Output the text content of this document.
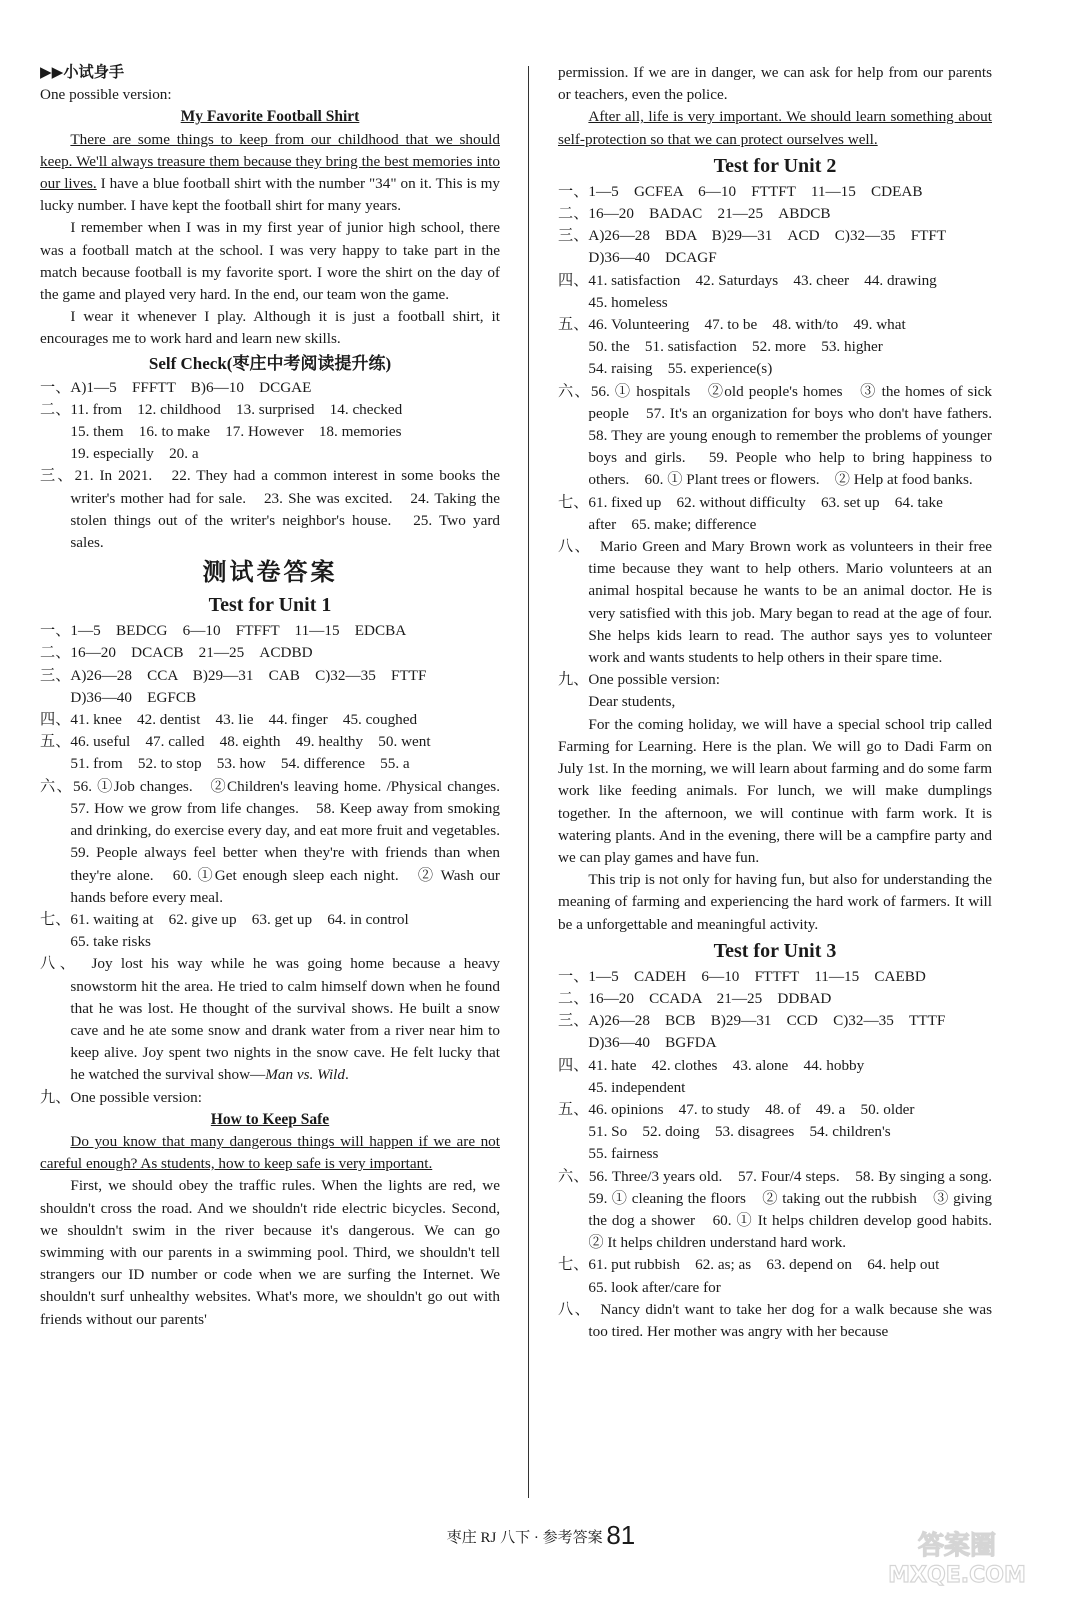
▶▶小试身手

One possible version:

My Favorite Football Shirt

There are some things to keep from our childhood that we should keep. We'll always treasure them because they bring the best memories into our lives. I have a blue football shirt with the number "34" on it. This is my lucky number. I have kept the football shirt for many years.

I remember when I was in my first year of junior high school, there was a football match at the school. I was very happy to take part in the match because football is my favorite sport. I wore the shirt on the day of the game and played very hard. In the end, our team won the game.

I wear it whenever I play. Although it is just a football shirt, it encourages me to work hard and learn new skills.

Self Check(枣庄中考阅读提升练)

一、A)1—5　FFFTT　B)6—10　DCGAE

二、11. from　12. childhood　13. surprised　14. checked

15. them　16. to make　17. However　18. memories

19. especially　20. a

三、21. In 2021.　22. They had a common interest in some books the writer's mother had for sale.　23. She was excited.　24. Taking the stolen things out of the writer's neighbor's house.　25. Two yard sales.

测试卷答案

Test for Unit 1

一、1—5　BEDCG　6—10　FTFFT　11—15　EDCBA

二、16—20　DCACB　21—25　ACDBD

三、A)26—28　CCA　B)29—31　CAB　C)32—35　FTTF

D)36—40　EGFCB

四、41. knee　42. dentist　43. lie　44. finger　45. coughed

五、46. useful　47. called　48. eighth　49. healthy　50. went

51. from　52. to stop　53. how　54. difference　55. a

六、56. ①Job changes.　②Children's leaving home. /Physical changes.　57. How we grow from life changes.　58. Keep away from smoking and drinking, do exercise every day, and eat more fruit and vegetables.　59. People always feel better when they're with friends than when they're alone.　60. ①Get enough sleep each night.　② Wash our hands before every meal.

七、61. waiting at　62. give up　63. get up　64. in control

65. take risks

八、　 Joy lost his way while he was going home because a heavy snowstorm hit the area. He tried to calm himself down when he found that he was lost. He thought of the survival shows. He built a snow cave and he ate some snow and drank water from a river near him to keep alive. Joy spent two nights in the snow cave. He felt lucky that he watched the survival show—Man vs. Wild.

九、One possible version:

How to Keep Safe

Do you know that many dangerous things will happen if we are not careful enough? As students, how to keep safe is very important.

First, we should obey the traffic rules. When the lights are red, we shouldn't cross the road. And we shouldn't ride electric bicycles. Second, we shouldn't swim in the river because it's dangerous. We can go swimming with our parents in a swimming pool. Third, we shouldn't tell strangers our ID number or code when we are surfing the Internet. We shouldn't surf unhealthy websites. What's more, we shouldn't go out with friends without our parents'

permission. If we are in danger, we can ask for help from our parents or teachers, even the police.

After all, life is very important. We should learn something about self-protection so that we can protect ourselves well.

Test for Unit 2

一、1—5　GCFEA　6—10　FTTFT　11—15　CDEAB

二、16—20　BADAC　21—25　ABDCB

三、A)26—28　BDA　B)29—31　ACD　C)32—35　FTFT

D)36—40　DCAGF

四、41. satisfaction　42. Saturdays　43. cheer　44. drawing

45. homeless

五、46. Volunteering　47. to be　48. with/to　49. what

50. the　51. satisfaction　52. more　53. higher

54. raising　55. experience(s)

六、56. ① hospitals　②old people's homes　③ the homes of sick people　57. It's an organization for boys who don't have fathers.　58. They are young enough to remember the problems of younger boys and girls.　59. People who help to bring happiness to others.　60. ① Plant trees or flowers.　② Help at food banks.

七、61. fixed up　62. without difficulty　63. set up　64. take

after　65. make; difference

八、　 Mario Green and Mary Brown work as volunteers in their free time because they want to help others. Mario volunteers at an animal hospital because he wants to be an animal doctor. He is very satisfied with this job. Mary began to read at the age of four. She helps kids learn to read. The author says yes to volunteer work and wants students to help others in their spare time.

九、One possible version:

Dear students,

For the coming holiday, we will have a special school trip called Farming for Learning. Here is the plan. We will go to Dadi Farm on July 1st. In the morning, we will learn about farming and do some farm work like feeding animals. For lunch, we will make dumplings together. In the afternoon, we will continue with farm work. It is watering plants. And in the evening, there will be a campfire party and we can play games and have fun.

This trip is not only for having fun, but also for understanding the meaning of farming and experiencing the hard work of farmers. It will be a unforgettable and meaningful activity.

Test for Unit 3

一、1—5　CADEH　6—10　FTTFT　11—15　CAEBD

二、16—20　CCADA　21—25　DDBAD

三、A)26—28　BCB　B)29—31　CCD　C)32—35　TTTF

D)36—40　BGFDA

四、41. hate　42. clothes　43. alone　44. hobby

45. independent

五、46. opinions　47. to study　48. of　49. a　50. older

51. So　52. doing　53. disagrees　54. children's

55. fairness

六、56. Three/3 years old.　57. Four/4 steps.　58. By singing a song.　59. ① cleaning the floors　② taking out the rubbish　③ giving the dog a shower　60. ① It helps children develop good habits.　② It helps children understand hard work.

七、61. put rubbish　62. as; as　63. depend on　64. help out

65. look after/care for

八、　 Nancy didn't want to take her dog for a walk because she was too tired. Her mother was angry with her because

枣庄 RJ 八下 · 参考答案 81	答案圈
MXQE.COM
